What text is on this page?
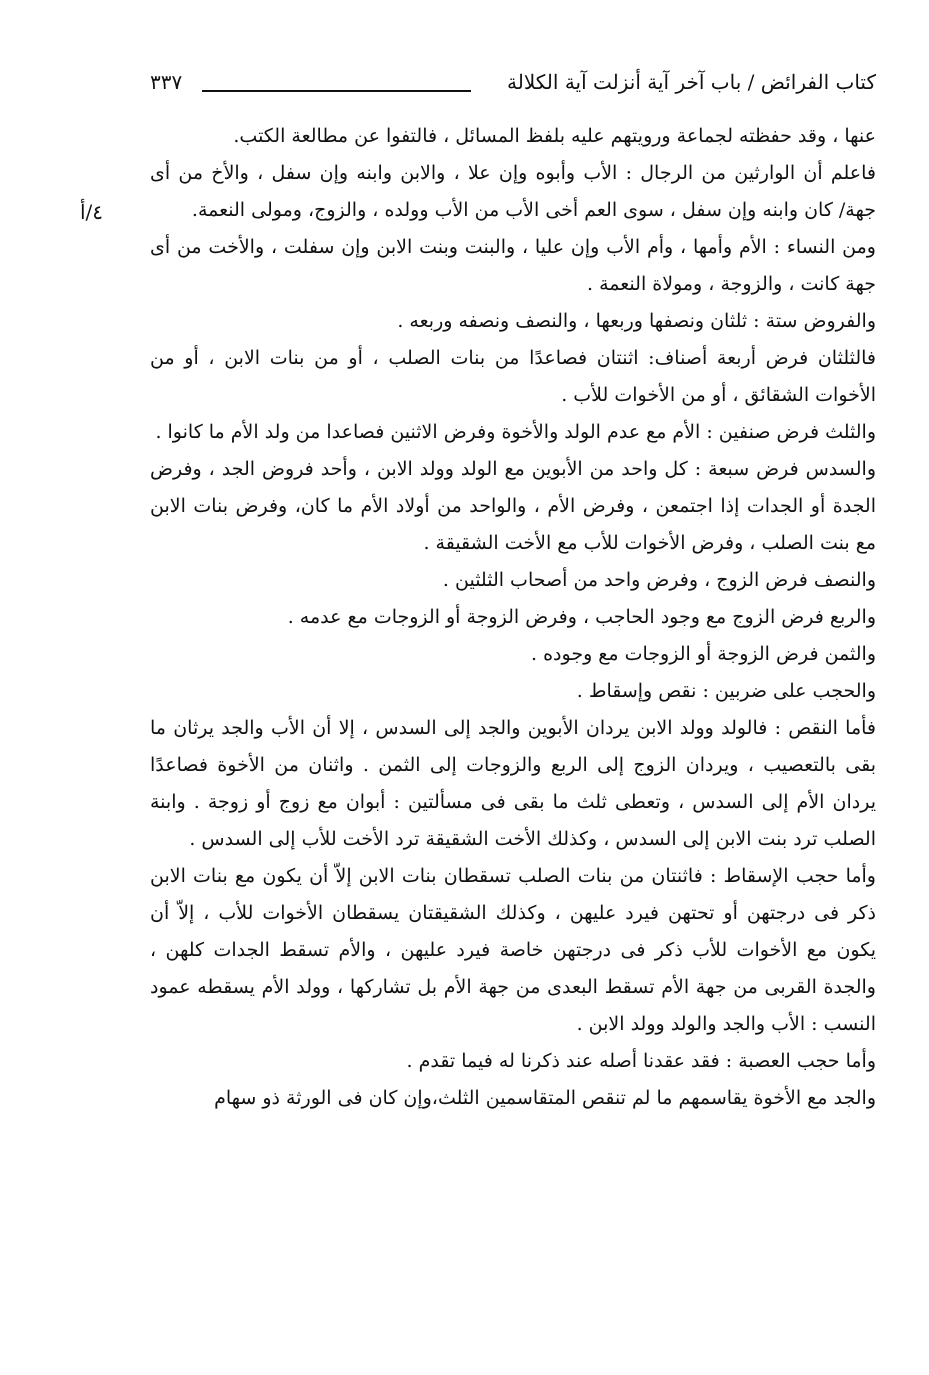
كتاب الفرائض / باب آخر آية أنزلت آية الكلالة
٣٣٧
٤/أ

عنها ، وقد حفظته لجماعة ورويتهم عليه بلفظ المسائل ، فالتفوا عن مطالعة الكتب.

فاعلم أن الوارثين من الرجال : الأب وأبوه وإن علا ، والابن وابنه وإن سفل ، والأخ من أى جهة/ كان وابنه وإن سفل ، سوى العم أخى الأب من الأب وولده ، والزوج، ومولى النعمة.

ومن النساء : الأم وأمها ، وأم الأب وإن عليا ، والبنت وبنت الابن وإن سفلت ، والأخت من أى جهة كانت ، والزوجة ، ومولاة النعمة .

والفروض ستة : ثلثان ونصفها وربعها ، والنصف ونصفه وربعه .

فالثلثان فرض أربعة أصناف: اثنتان فصاعدًا من بنات الصلب ، أو من بنات الابن ، أو من الأخوات الشقائق ، أو من الأخوات للأب .

والثلث فرض صنفين : الأم مع عدم الولد والأخوة وفرض الاثنين فصاعدا من ولد الأم ما كانوا .

والسدس فرض سبعة : كل واحد من الأبوين مع الولد وولد الابن ، وأحد فروض الجد ، وفرض الجدة أو الجدات إذا اجتمعن ، وفرض الأم ، والواحد من أولاد الأم ما كان، وفرض بنات الابن مع بنت الصلب ، وفرض الأخوات للأب مع الأخت الشقيقة .

والنصف فرض الزوج ، وفرض واحد من أصحاب الثلثين .

والربع فرض الزوج مع وجود الحاجب ، وفرض الزوجة أو الزوجات مع عدمه .

والثمن فرض الزوجة أو الزوجات مع وجوده .

والحجب على ضربين : نقص وإسقاط .

فأما النقص : فالولد وولد الابن يردان الأبوين والجد إلى السدس ، إلا أن الأب والجد يرثان ما بقى بالتعصيب ، ويردان الزوج إلى الربع والزوجات إلى الثمن . واثنان من الأخوة فصاعدًا يردان الأم إلى السدس ، وتعطى ثلث ما بقى فى مسألتين : أبوان مع زوج أو زوجة . وابنة الصلب ترد بنت الابن إلى السدس ، وكذلك الأخت الشقيقة ترد الأخت للأب إلى السدس .

وأما حجب الإسقاط : فاثنتان من بنات الصلب تسقطان بنات الابن إلاّ أن يكون مع بنات الابن ذكر فى درجتهن أو تحتهن فيرد عليهن ، وكذلك الشقيقتان يسقطان الأخوات للأب ، إلاّ أن يكون مع الأخوات للأب ذكر فى درجتهن خاصة فيرد عليهن ، والأم تسقط الجدات كلهن ، والجدة القربى من جهة الأم تسقط البعدى من جهة الأم بل تشاركها ، وولد الأم يسقطه عمود النسب : الأب والجد والولد وولد الابن .

وأما حجب العصبة : فقد عقدنا أصله عند ذكرنا له فيما تقدم .

والجد مع الأخوة يقاسمهم ما لم تنقص المتقاسمين الثلث،وإن كان فى الورثة ذو سهام
